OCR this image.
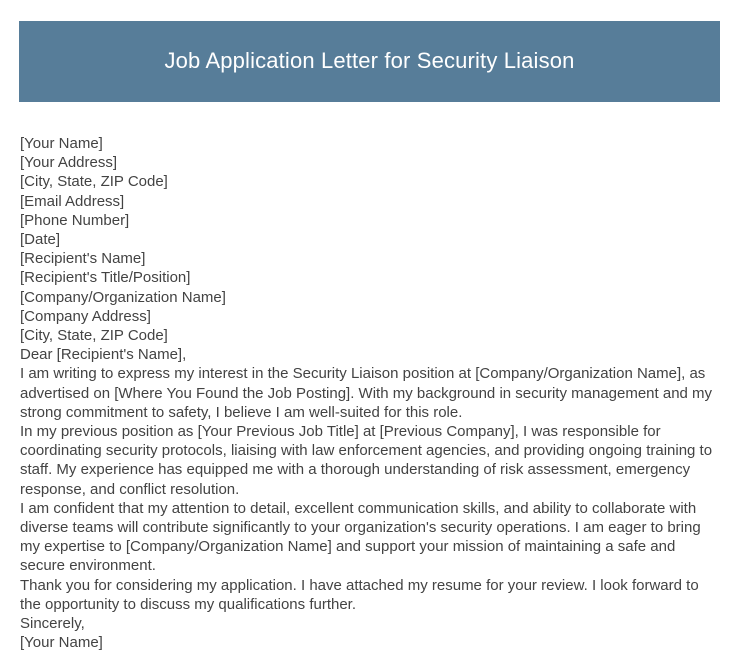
Job Application Letter for Security Liaison
[Your Name]
[Your Address]
[City, State, ZIP Code]
[Email Address]
[Phone Number]
[Date]
[Recipient's Name]
[Recipient's Title/Position]
[Company/Organization Name]
[Company Address]
[City, State, ZIP Code]
Dear [Recipient's Name],

I am writing to express my interest in the Security Liaison position at [Company/Organization Name], as advertised on [Where You Found the Job Posting]. With my background in security management and my strong commitment to safety, I believe I am well-suited for this role.

In my previous position as [Your Previous Job Title] at [Previous Company], I was responsible for coordinating security protocols, liaising with law enforcement agencies, and providing ongoing training to staff. My experience has equipped me with a thorough understanding of risk assessment, emergency response, and conflict resolution.

I am confident that my attention to detail, excellent communication skills, and ability to collaborate with diverse teams will contribute significantly to your organization's security operations. I am eager to bring my expertise to [Company/Organization Name] and support your mission of maintaining a safe and secure environment.

Thank you for considering my application. I have attached my resume for your review. I look forward to the opportunity to discuss my qualifications further.

Sincerely,
[Your Name]
